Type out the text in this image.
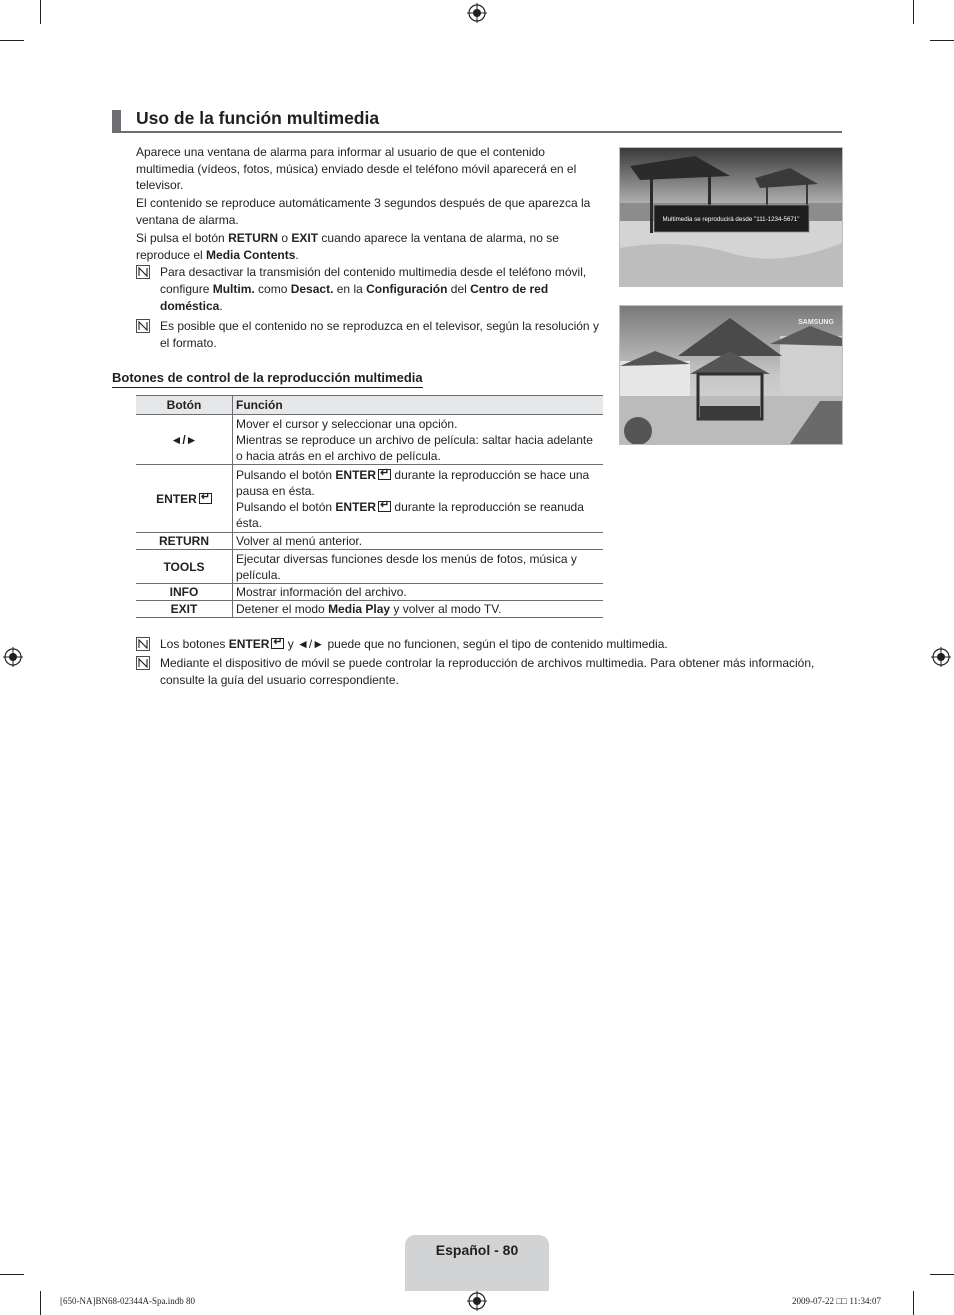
Uso de la función multimedia
Aparece una ventana de alarma para informar al usuario de que el contenido multimedia (vídeos, fotos, música) enviado desde el teléfono móvil aparecerá en el televisor.
El contenido se reproduce automáticamente 3 segundos después de que aparezca la ventana de alarma.
Si pulsa el botón RETURN o EXIT cuando aparece la ventana de alarma, no se reproduce el Media Contents.
Para desactivar la transmisión del contenido multimedia desde el teléfono móvil, configure Multim. como Desact. en la Configuración del Centro de red doméstica.
Es posible que el contenido no se reproduzca en el televisor, según la resolución y el formato.
Botones de control de la reproducción multimedia
Botón	Función
◄/►	Mover el cursor y seleccionar una opción.
Mientras se reproduce un archivo de película: saltar hacia adelante o hacia atrás en el archivo de película.

ENTER↵	Pulsando el botón ENTER↵ durante la reproducción se hace una pausa en ésta.
Pulsando el botón ENTER↵ durante la reproducción se reanuda ésta.

RETURN	Volver al menú anterior.
TOOLS	Ejecutar diversas funciones desde los menús de fotos, música y película.
INFO	Mostrar información del archivo.
EXIT	Detener el modo Media Play y volver al modo TV.
Los botones ENTER↵ y ◄/► puede que no funcionen, según el tipo de contenido multimedia.
Mediante el dispositivo de móvil se puede controlar la reproducción de archivos multimedia. Para obtener más información, consulte la guía del usuario correspondiente.
Multimedia se reproducirá desde "111-1234-5671"
SAMSUNG
Español - 80
[650-NA]BN68-02344A-Spa.indb 80	2009-07-22 □□ 11:34:07
